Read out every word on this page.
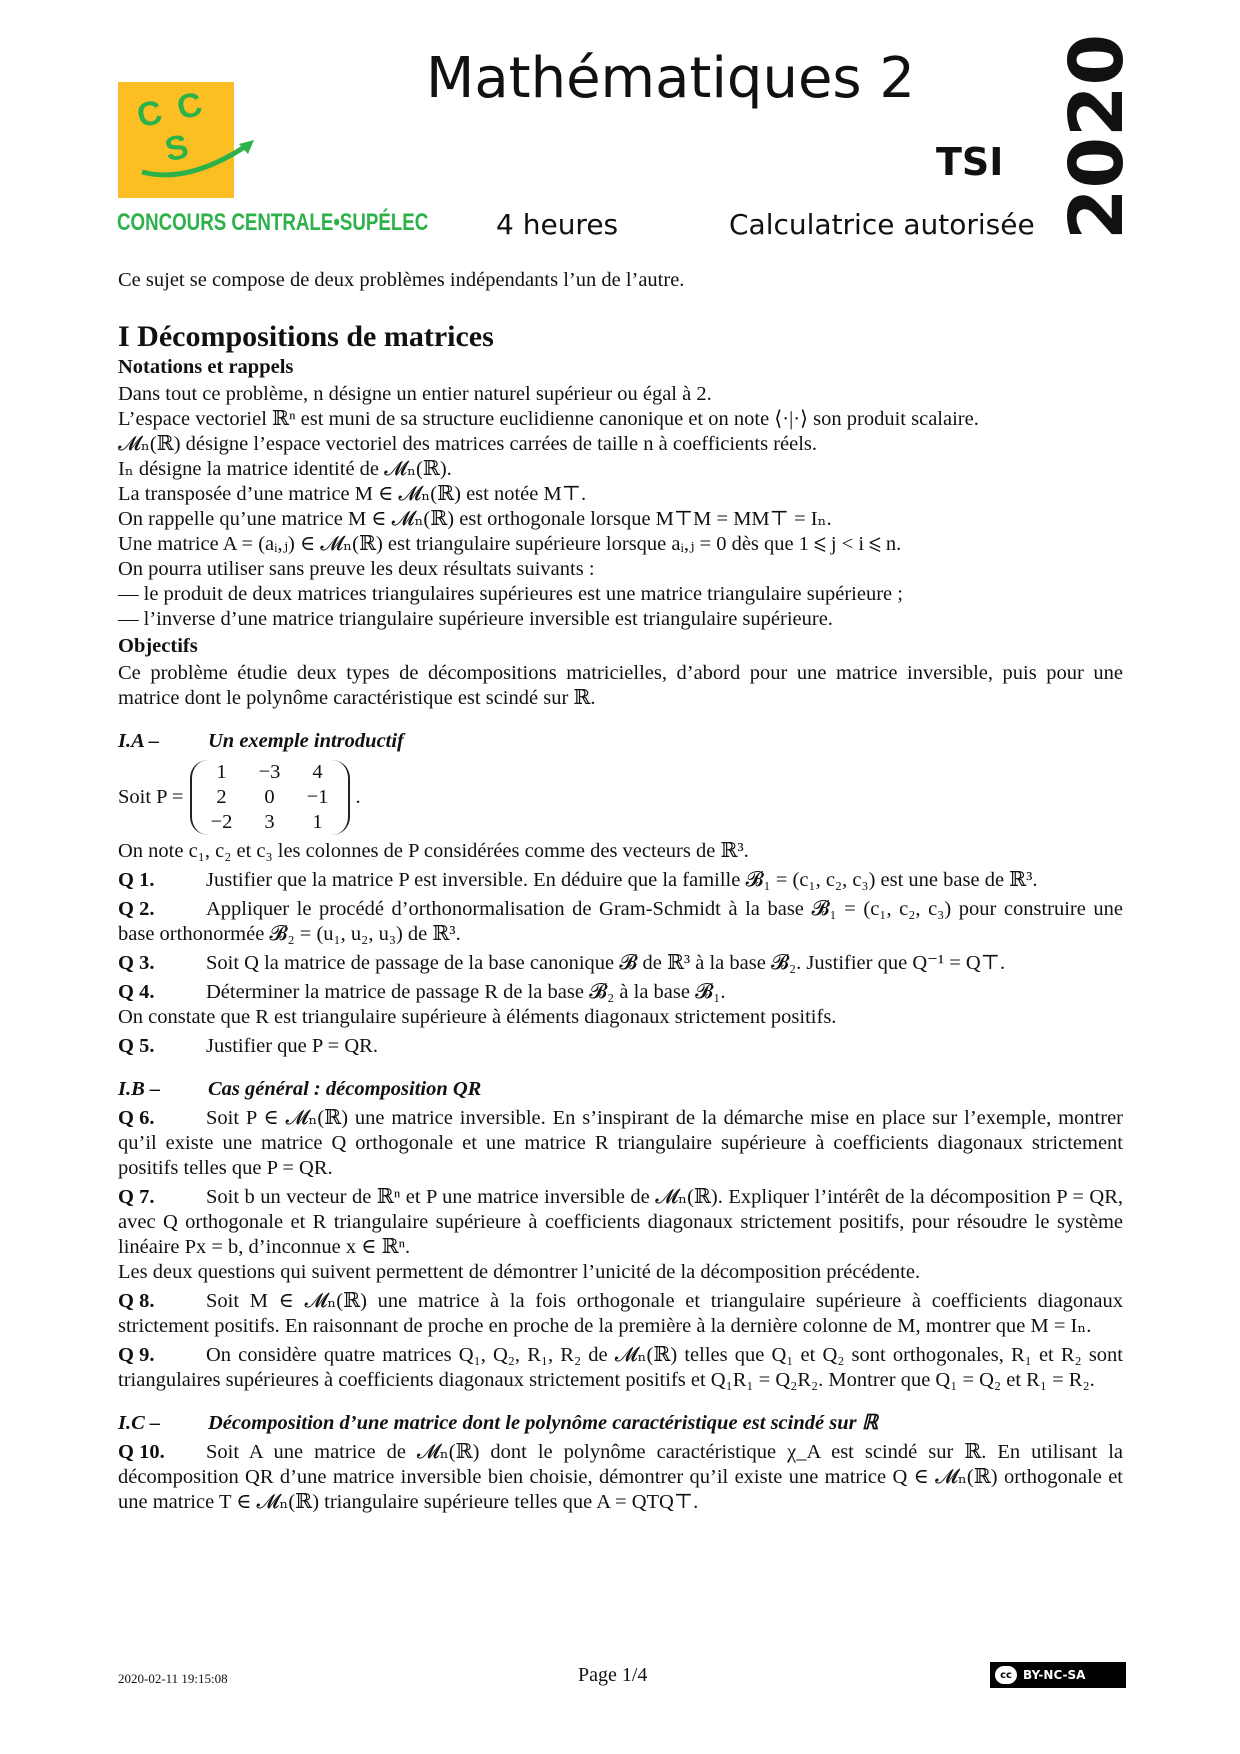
C C
S
CONCOURS CENTRALE•SUPÉLEC
Mathématiques 2
TSI 2020
4 heures	Calculatrice autorisée

Ce sujet se compose de deux problèmes indépendants l’un de l’autre.

I Décompositions de matrices
Notations et rappels

Dans tout ce problème, n désigne un entier naturel supérieur ou égal à 2.

L’espace vectoriel ℝⁿ est muni de sa structure euclidienne canonique et on note ⟨·|·⟩ son produit scalaire.

𝓜ₙ(ℝ) désigne l’espace vectoriel des matrices carrées de taille n à coefficients réels.

Iₙ désigne la matrice identité de 𝓜ₙ(ℝ).

La transposée d’une matrice M ∈ 𝓜ₙ(ℝ) est notée M⊤.

On rappelle qu’une matrice M ∈ 𝓜ₙ(ℝ) est orthogonale lorsque M⊤M = MM⊤ = Iₙ.

Une matrice A = (aᵢ,ⱼ) ∈ 𝓜ₙ(ℝ) est triangulaire supérieure lorsque aᵢ,ⱼ = 0 dès que 1 ⩽ j < i ⩽ n.

On pourra utiliser sans preuve les deux résultats suivants :

— le produit de deux matrices triangulaires supérieures est une matrice triangulaire supérieure ;

— l’inverse d’une matrice triangulaire supérieure inversible est triangulaire supérieure.

Objectifs

Ce problème étudie deux types de décompositions matricielles, d’abord pour une matrice inversible, puis pour une matrice dont le polynôme caractéristique est scindé sur ℝ.

I.A – Un exemple introductif
Soit P =
1	−3	4
2	0	−1
−2	3	1
.

On note c₁, c₂ et c₃ les colonnes de P considérées comme des vecteurs de ℝ³.

Q 1.	Justifier que la matrice P est inversible. En déduire que la famille 𝓑₁ = (c₁, c₂, c₃) est une base de ℝ³.

Q 2.	Appliquer le procédé d’orthonormalisation de Gram-Schmidt à la base 𝓑₁ = (c₁, c₂, c₃) pour construire une base orthonormée 𝓑₂ = (u₁, u₂, u₃) de ℝ³.

Q 3.	Soit Q la matrice de passage de la base canonique 𝓑 de ℝ³ à la base 𝓑₂. Justifier que Q⁻¹ = Q⊤.

Q 4.	Déterminer la matrice de passage R de la base 𝓑₂ à la base 𝓑₁.

On constate que R est triangulaire supérieure à éléments diagonaux strictement positifs.

Q 5.	Justifier que P = QR.

I.B – Cas général : décomposition QR

Q 6.	Soit P ∈ 𝓜ₙ(ℝ) une matrice inversible. En s’inspirant de la démarche mise en place sur l’exemple, montrer qu’il existe une matrice Q orthogonale et une matrice R triangulaire supérieure à coefficients diagonaux strictement positifs telles que P = QR.

Q 7.	Soit b un vecteur de ℝⁿ et P une matrice inversible de 𝓜ₙ(ℝ). Expliquer l’intérêt de la décomposition P = QR, avec Q orthogonale et R triangulaire supérieure à coefficients diagonaux strictement positifs, pour résoudre le système linéaire Px = b, d’inconnue x ∈ ℝⁿ.

Les deux questions qui suivent permettent de démontrer l’unicité de la décomposition précédente.

Q 8.	Soit M ∈ 𝓜ₙ(ℝ) une matrice à la fois orthogonale et triangulaire supérieure à coefficients diagonaux strictement positifs. En raisonnant de proche en proche de la première à la dernière colonne de M, montrer que M = Iₙ.

Q 9.	On considère quatre matrices Q₁, Q₂, R₁, R₂ de 𝓜ₙ(ℝ) telles que Q₁ et Q₂ sont orthogonales, R₁ et R₂ sont triangulaires supérieures à coefficients diagonaux strictement positifs et Q₁R₁ = Q₂R₂. Montrer que Q₁ = Q₂ et R₁ = R₂.

I.C – Décomposition d’une matrice dont le polynôme caractéristique est scindé sur ℝ

Q 10. Soit A une matrice de 𝓜ₙ(ℝ) dont le polynôme caractéristique χ_A est scindé sur ℝ. En utilisant la décomposition QR d’une matrice inversible bien choisie, démontrer qu’il existe une matrice Q ∈ 𝓜ₙ(ℝ) orthogonale et une matrice T ∈ 𝓜ₙ(ℝ) triangulaire supérieure telles que A = QTQ⊤.

2020-02-11 19:15:08	Page 1/4	cc BY-NC-SA
